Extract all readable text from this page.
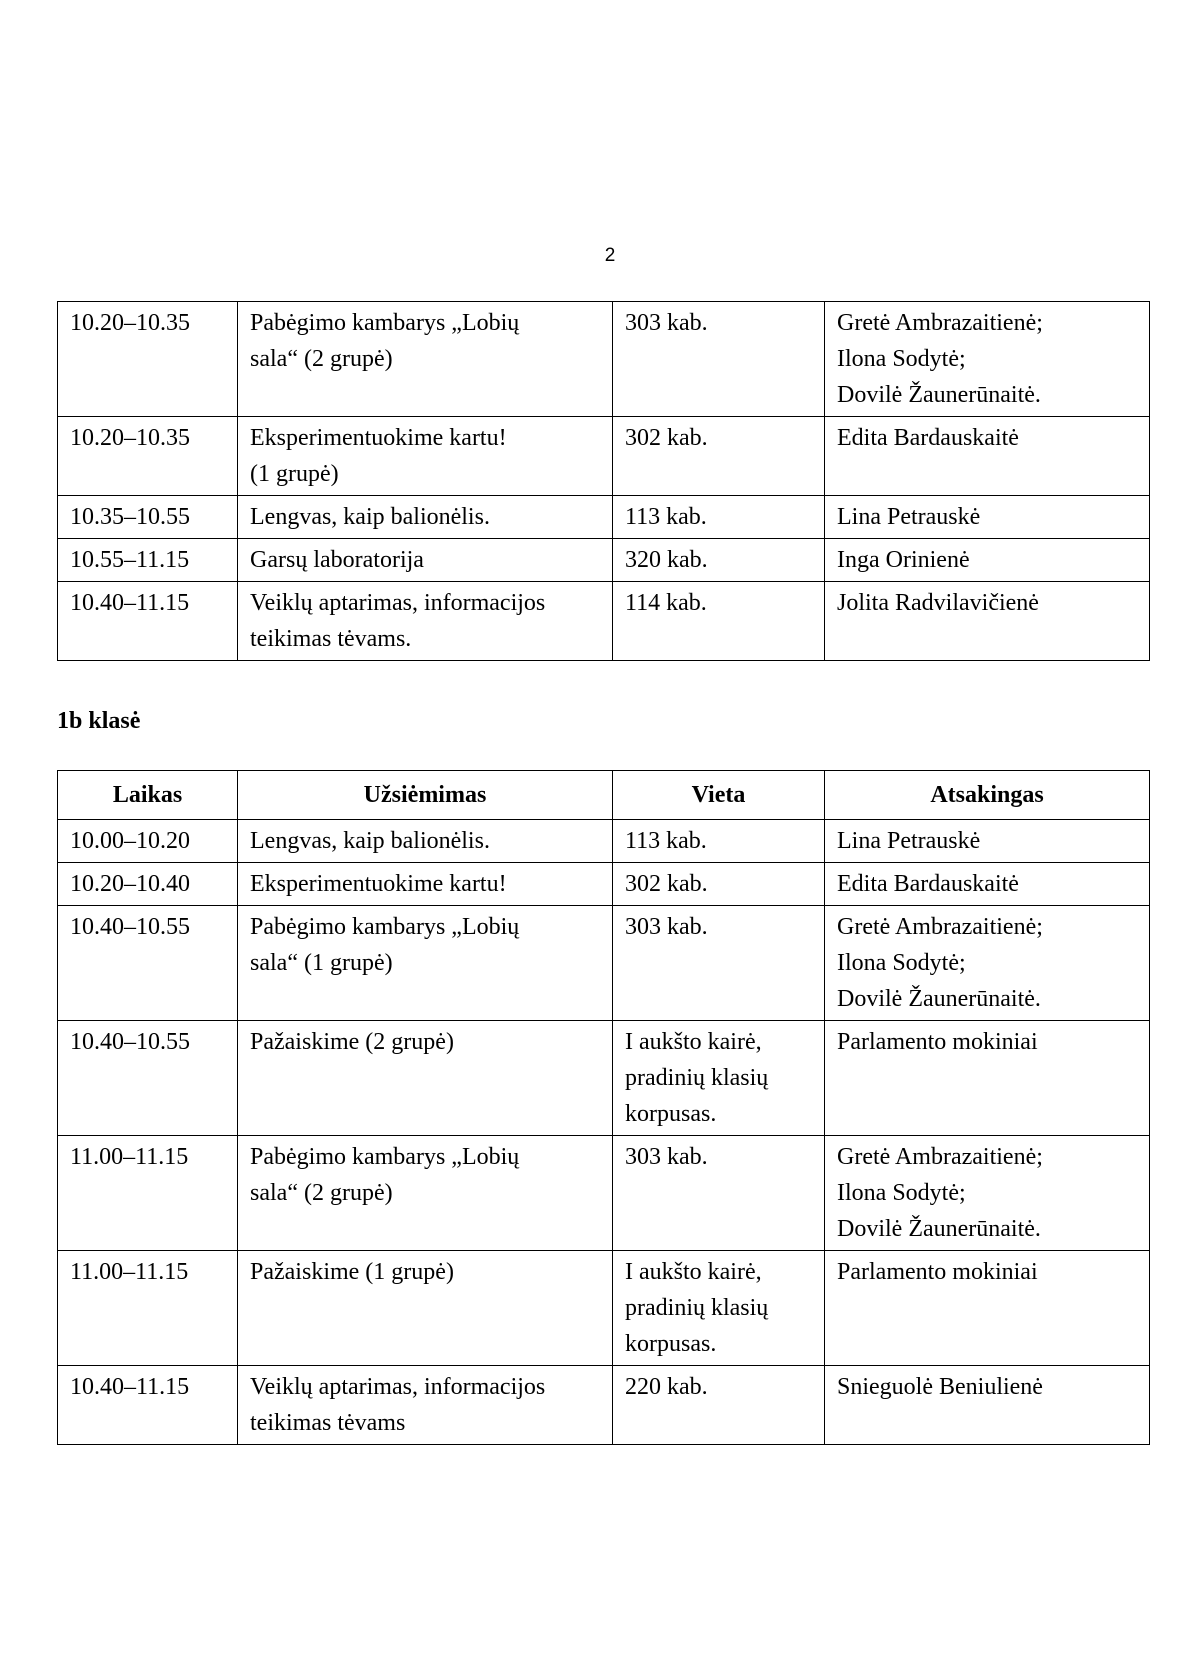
2
10.20–10.35	Pabėgimo kambarys „Lobių
sala“ (2 grupė)	303 kab.	Gretė Ambrazaitienė;
Ilona Sodytė;
Dovilė Žaunerūnaitė.

10.20–10.35	Eksperimentuokime kartu!
(1 grupė)	302 kab.	Edita Bardauskaitė

10.35–10.55	Lengvas, kaip balionėlis.	113 kab.	Lina Petrauskė

10.55–11.15	Garsų laboratorija	320 kab.	Inga Orinienė

10.40–11.15	Veiklų aptarimas, informacijos
teikimas tėvams.	114 kab.	Jolita Radvilavičienė
1b klasė
Laikas	Užsiėmimas	Vieta	Atsakingas
10.00–10.20	Lengvas, kaip balionėlis.	113 kab.	Lina Petrauskė

10.20–10.40	Eksperimentuokime kartu!	302 kab.	Edita Bardauskaitė

10.40–10.55	Pabėgimo kambarys „Lobių
sala“ (1 grupė)	303 kab.	Gretė Ambrazaitienė;
Ilona Sodytė;
Dovilė Žaunerūnaitė.

10.40–10.55	Pažaiskime (2 grupė)	I aukšto kairė,
pradinių klasių
korpusas.	Parlamento mokiniai

11.00–11.15	Pabėgimo kambarys „Lobių
sala“ (2 grupė)	303 kab.	Gretė Ambrazaitienė;
Ilona Sodytė;
Dovilė Žaunerūnaitė.

11.00–11.15	Pažaiskime (1 grupė)	I aukšto kairė,
pradinių klasių
korpusas.	Parlamento mokiniai

10.40–11.15	Veiklų aptarimas, informacijos
teikimas tėvams	220 kab.	Snieguolė Beniulienė
